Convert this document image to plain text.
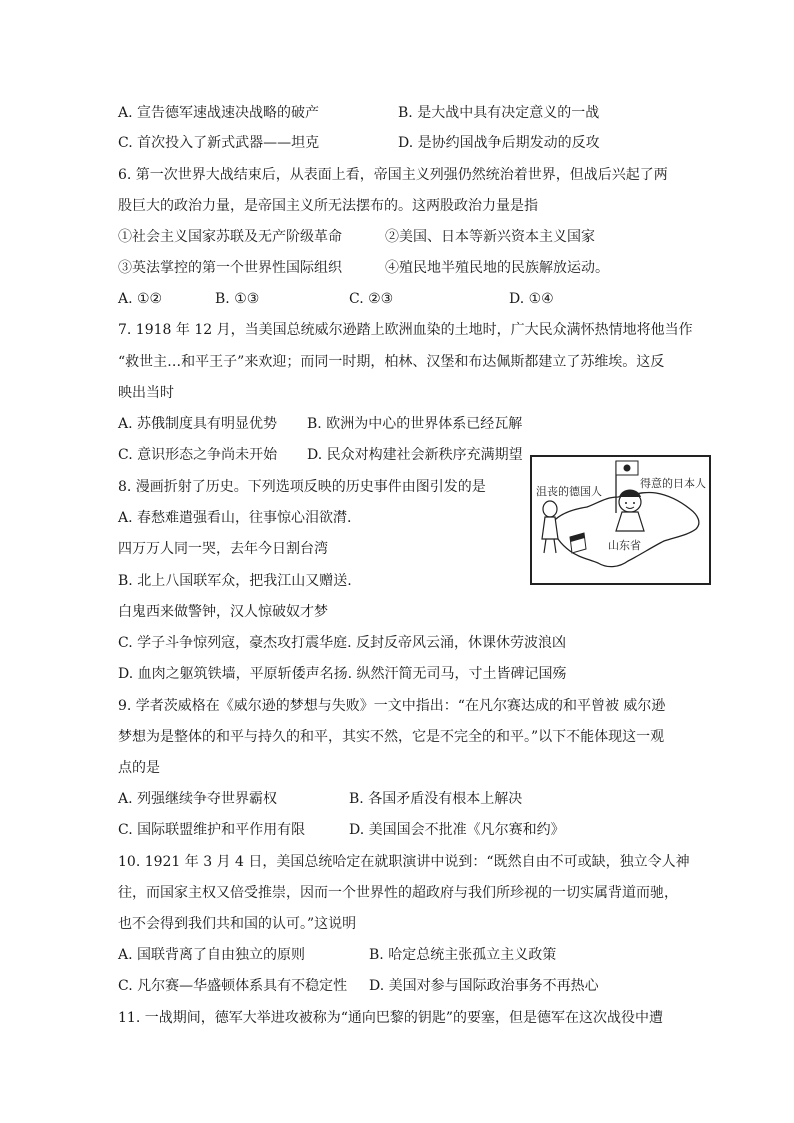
A. 宣告德军速战速决战略的破产	B. 是大战中具有决定意义的一战
C. 首次投入了新式武器——坦克	D. 是协约国战争后期发动的反攻
6. 第一次世界大战结束后，从表面上看，帝国主义列强仍然统治着世界，但战后兴起了两
股巨大的政治力量，是帝国主义所无法摆布的。这两股政治力量是指
①社会主义国家苏联及无产阶级革命	②美国、日本等新兴资本主义国家
③英法掌控的第一个世界性国际组织	④殖民地半殖民地的民族解放运动。
A. ①②	B. ①③	C. ②③	D. ①④
7. 1918 年 12 月，当美国总统威尔逊踏上欧洲血染的土地时，广大民众满怀热情地将他当作
“救世主…和平王子”来欢迎；而同一时期，柏林、汉堡和布达佩斯都建立了苏维埃。这反
映出当时
A. 苏俄制度具有明显优势 B. 欧洲为中心的世界体系已经瓦解
C. 意识形态之争尚未开始 D. 民众对构建社会新秩序充满期望
8. 漫画折射了历史。下列选项反映的历史事件由图引发的是
A. 春愁难遣强看山，往事惊心泪欲潸.
四万万人同一哭，去年今日割台湾
B. 北上八国联军众，把我江山又赠送.
白鬼西来做警钟，汉人惊破奴才梦
C. 学子斗争惊列寇，豪杰攻打震华庭. 反封反帝风云涌，休课休劳波浪凶
D. 血肉之躯筑铁墙，平原斩倭声名扬. 纵然汗简无司马，寸土皆碑记国殇
沮丧的德国人
得意的日本人
山东省
9. 学者茨威格在《威尔逊的梦想与失败》一文中指出：“在凡尔赛达成的和平曾被 威尔逊
梦想为是整体的和平与持久的和平，其实不然，它是不完全的和平。”以下不能体现这一观
点的是
A. 列强继续争夺世界霸权	B. 各国矛盾没有根本上解决
C. 国际联盟维护和平作用有限	D. 美国国会不批准《凡尔赛和约》
10. 1921 年 3 月 4 日，美国总统哈定在就职演讲中说到：“既然自由不可或缺，独立令人神
往，而国家主权又倍受推崇，因而一个世界性的超政府与我们所珍视的一切实属背道而驰，
也不会得到我们共和国的认可。”这说明
A. 国联背离了自由独立的原则	B. 哈定总统主张孤立主义政策
C. 凡尔赛—华盛顿体系具有不稳定性 D. 美国对参与国际政治事务不再热心
11. 一战期间，德军大举进攻被称为“通向巴黎的钥匙”的要塞，但是德军在这次战役中遭
